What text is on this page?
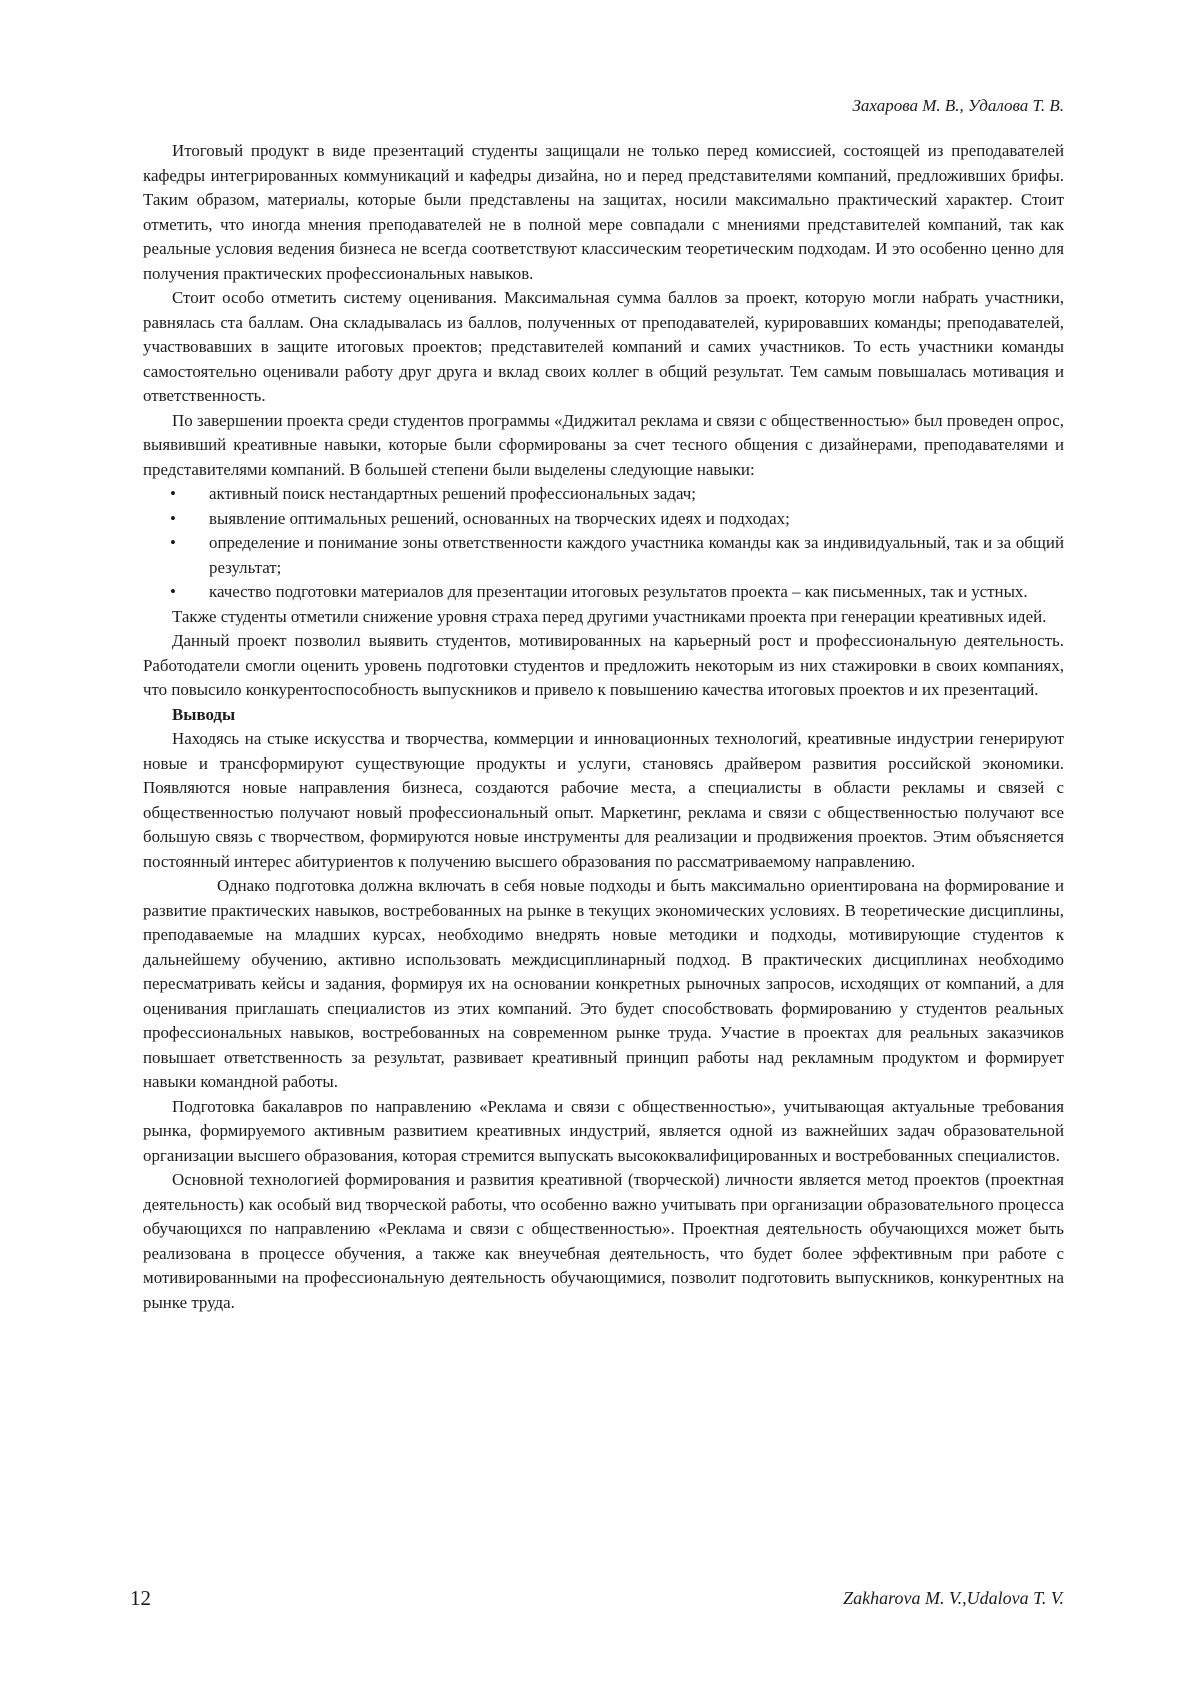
Захарова М. В., Удалова Т. В.

Итоговый продукт в виде презентаций студенты защищали не только перед комиссией, состоящей из преподавателей кафедры интегрированных коммуникаций и кафедры дизайна, но и перед представителями компаний, предложивших брифы. Таким образом, материалы, которые были представлены на защитах, носили максимально практический характер. Стоит отметить, что иногда мнения преподавателей не в полной мере совпадали с мнениями представителей компаний, так как реальные условия ведения бизнеса не всегда соответствуют классическим теоретическим подходам. И это особенно ценно для получения практических профессиональных навыков.

Стоит особо отметить систему оценивания. Максимальная сумма баллов за проект, которую могли набрать участники, равнялась ста баллам. Она складывалась из баллов, полученных от преподавателей, курировавших команды; преподавателей, участвовавших в защите итоговых проектов; представителей компаний и самих участников. То есть участники команды самостоятельно оценивали работу друг друга и вклад своих коллег в общий результат. Тем самым повышалась мотивация и ответственность.

По завершении проекта среди студентов программы «Диджитал реклама и связи с общественностью» был проведен опрос, выявивший креативные навыки, которые были сформированы за счет тесного общения с дизайнерами, преподавателями и представителями компаний. В большей степени были выделены следующие навыки:

• активный поиск нестандартных решений профессиональных задач;
• выявление оптимальных решений, основанных на творческих идеях и подходах;
• определение и понимание зоны ответственности каждого участника команды как за индивидуальный, так и за общий результат;
• качество подготовки материалов для презентации итоговых результатов проекта – как письменных, так и устных.

Также студенты отметили снижение уровня страха перед другими участниками проекта при генерации креативных идей.

Данный проект позволил выявить студентов, мотивированных на карьерный рост и профессиональную деятельность. Работодатели смогли оценить уровень подготовки студентов и предложить некоторым из них стажировки в своих компаниях, что повысило конкурентоспособность выпускников и привело к повышению качества итоговых проектов и их презентаций.

Выводы

Находясь на стыке искусства и творчества, коммерции и инновационных технологий, креативные индустрии генерируют новые и трансформируют существующие продукты и услуги, становясь драйвером развития российской экономики. Появляются новые направления бизнеса, создаются рабочие места, а специалисты в области рекламы и связей с общественностью получают новый профессиональный опыт. Маркетинг, реклама и связи с общественностью получают все большую связь с творчеством, формируются новые инструменты для реализации и продвижения проектов. Этим объясняется постоянный интерес абитуриентов к получению высшего образования по рассматриваемому направлению.

Однако подготовка должна включать в себя новые подходы и быть максимально ориентирована на формирование и развитие практических навыков, востребованных на рынке в текущих экономических условиях. В теоретические дисциплины, преподаваемые на младших курсах, необходимо внедрять новые методики и подходы, мотивирующие студентов к дальнейшему обучению, активно использовать междисциплинарный подход. В практических дисциплинах необходимо пересматривать кейсы и задания, формируя их на основании конкретных рыночных запросов, исходящих от компаний, а для оценивания приглашать специалистов из этих компаний. Это будет способствовать формированию у студентов реальных профессиональных навыков, востребованных на современном рынке труда. Участие в проектах для реальных заказчиков повышает ответственность за результат, развивает креативный принцип работы над рекламным продуктом и формирует навыки командной работы.

Подготовка бакалавров по направлению «Реклама и связи с общественностью», учитывающая актуальные требования рынка, формируемого активным развитием креативных индустрий, является одной из важнейших задач образовательной организации высшего образования, которая стремится выпускать высококвалифицированных и востребованных специалистов.

Основной технологией формирования и развития креативной (творческой) личности является метод проектов (проектная деятельность) как особый вид творческой работы, что особенно важно учитывать при организации образовательного процесса обучающихся по направлению «Реклама и связи с общественностью». Проектная деятельность обучающихся может быть реализована в процессе обучения, а также как внеучебная деятельность, что будет более эффективным при работе с мотивированными на профессиональную деятельность обучающимися, позволит подготовить выпускников, конкурентных на рынке труда.

12	Zakharova M. V.,Udalova T. V.
